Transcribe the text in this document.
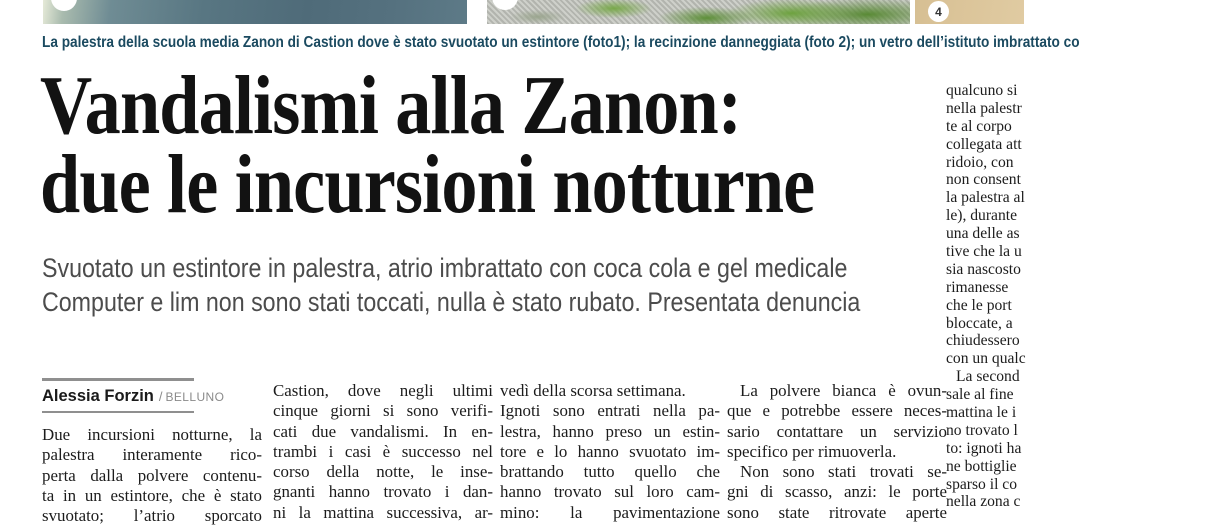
4
La palestra della scuola media Zanon di Castion dove è stato svuotato un estintore (foto1); la recinzione danneggiata (foto 2); un vetro dell’istituto imbrattato co
Vandalismi alla Zanon:
due le incursioni notturne
Svuotato un estintore in palestra, atrio imbrattato con coca cola e gel medicale
Computer e lim non sono stati toccati, nulla è stato rubato. Presentata denuncia
Alessia Forzin / BELLUNO
Due incursioni notturne, la
palestra interamente rico-
perta dalla polvere contenu-
ta in un estintore, che è stato
svuotato; l’atrio sporcato
Castion, dove negli ultimi
cinque giorni si sono verifi-
cati due vandalismi. In en-
trambi i casi è successo nel
corso della notte, le inse-
gnanti hanno trovato i dan-
ni la mattina successiva, ar-
vedì della scorsa settimana.
Ignoti sono entrati nella pa-
lestra, hanno preso un estin-
tore e lo hanno svuotato im-
brattando tutto quello che
hanno trovato sul loro cam-
mino: la pavimentazione
La polvere bianca è ovun-
que e potrebbe essere neces-
sario contattare un servizio
specifico per rimuoverla.
Non sono stati trovati se-
gni di scasso, anzi: le porte
sono state ritrovate aperte
qualcuno si
nella palestr
te al corpo
collegata att
ridoio, con
non consent
la palestra al
le), durante
una delle as
tive che la u
sia nascosto
rimanesse
che le port
bloccate, a
chiudessero
con un qualc
La second
sale al fine
mattina le i
no trovato l
to: ignoti ha
ne bottiglie
sparso il co
nella zona c
